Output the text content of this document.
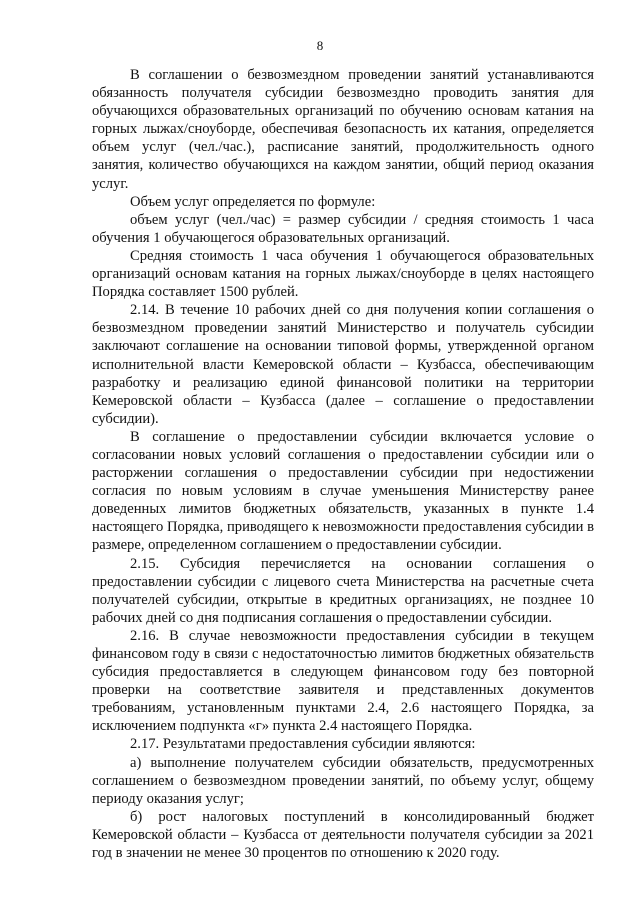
8

В соглашении о безвозмездном проведении занятий устанавливаются обязанность получателя субсидии безвозмездно проводить занятия для обучающихся образовательных организаций по обучению основам катания на горных лыжах/сноуборде, обеспечивая безопасность их катания, определяется объем услуг (чел./час.), расписание занятий, продолжительность одного занятия, количество обучающихся на каждом занятии, общий период оказания услуг.

Объем услуг определяется по формуле:

объем услуг (чел./час) = размер субсидии / средняя стоимость 1 часа обучения 1 обучающегося образовательных организаций.

Средняя стоимость 1 часа обучения 1 обучающегося образовательных организаций основам катания на горных лыжах/сноуборде в целях настоящего Порядка составляет 1500 рублей.

2.14. В течение 10 рабочих дней со дня получения копии соглашения о безвозмездном проведении занятий Министерство и получатель субсидии заключают соглашение на основании типовой формы, утвержденной органом исполнительной власти Кемеровской области – Кузбасса, обеспечивающим разработку и реализацию единой финансовой политики на территории Кемеровской области – Кузбасса (далее – соглашение о предоставлении субсидии).

В соглашение о предоставлении субсидии включается условие о согласовании новых условий соглашения о предоставлении субсидии или о расторжении соглашения о предоставлении субсидии при недостижении согласия по новым условиям в случае уменьшения Министерству ранее доведенных лимитов бюджетных обязательств, указанных в пункте 1.4 настоящего Порядка, приводящего к невозможности предоставления субсидии в размере, определенном соглашением о предоставлении субсидии.

2.15. Субсидия перечисляется на основании соглашения о предоставлении субсидии с лицевого счета Министерства на расчетные счета получателей субсидии, открытые в кредитных организациях, не позднее 10 рабочих дней со дня подписания соглашения о предоставлении субсидии.

2.16. В случае невозможности предоставления субсидии в текущем финансовом году в связи с недостаточностью лимитов бюджетных обязательств субсидия предоставляется в следующем финансовом году без повторной проверки на соответствие заявителя и представленных документов требованиям, установленным пунктами 2.4, 2.6 настоящего Порядка, за исключением подпункта «г» пункта 2.4 настоящего Порядка.

2.17. Результатами предоставления субсидии являются:

а) выполнение получателем субсидии обязательств, предусмотренных соглашением о безвозмездном проведении занятий, по объему услуг, общему периоду оказания услуг;

б) рост налоговых поступлений в консолидированный бюджет Кемеровской области – Кузбасса от деятельности получателя субсидии за 2021 год в значении не менее 30 процентов по отношению к 2020 году.
